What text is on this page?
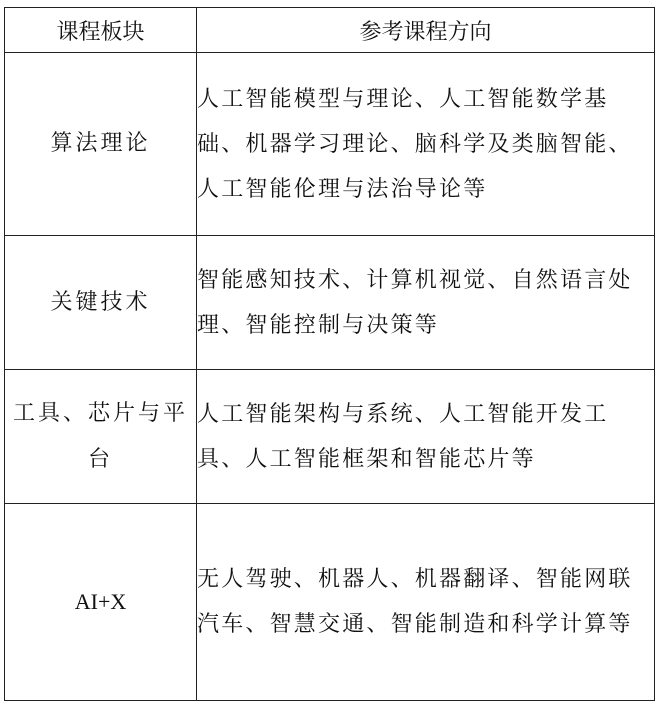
课程板块	参考课程方向
算法理论	人工智能模型与理论、人工智能数学基础、机器学习理论、脑科学及类脑智能、人工智能伦理与法治导论等
关键技术	智能感知技术、计算机视觉、自然语言处理、智能控制与决策等
工具、芯片与平台	人工智能架构与系统、人工智能开发工具、人工智能框架和智能芯片等
AI+X	无人驾驶、机器人、机器翻译、智能网联汽车、智慧交通、智能制造和科学计算等
